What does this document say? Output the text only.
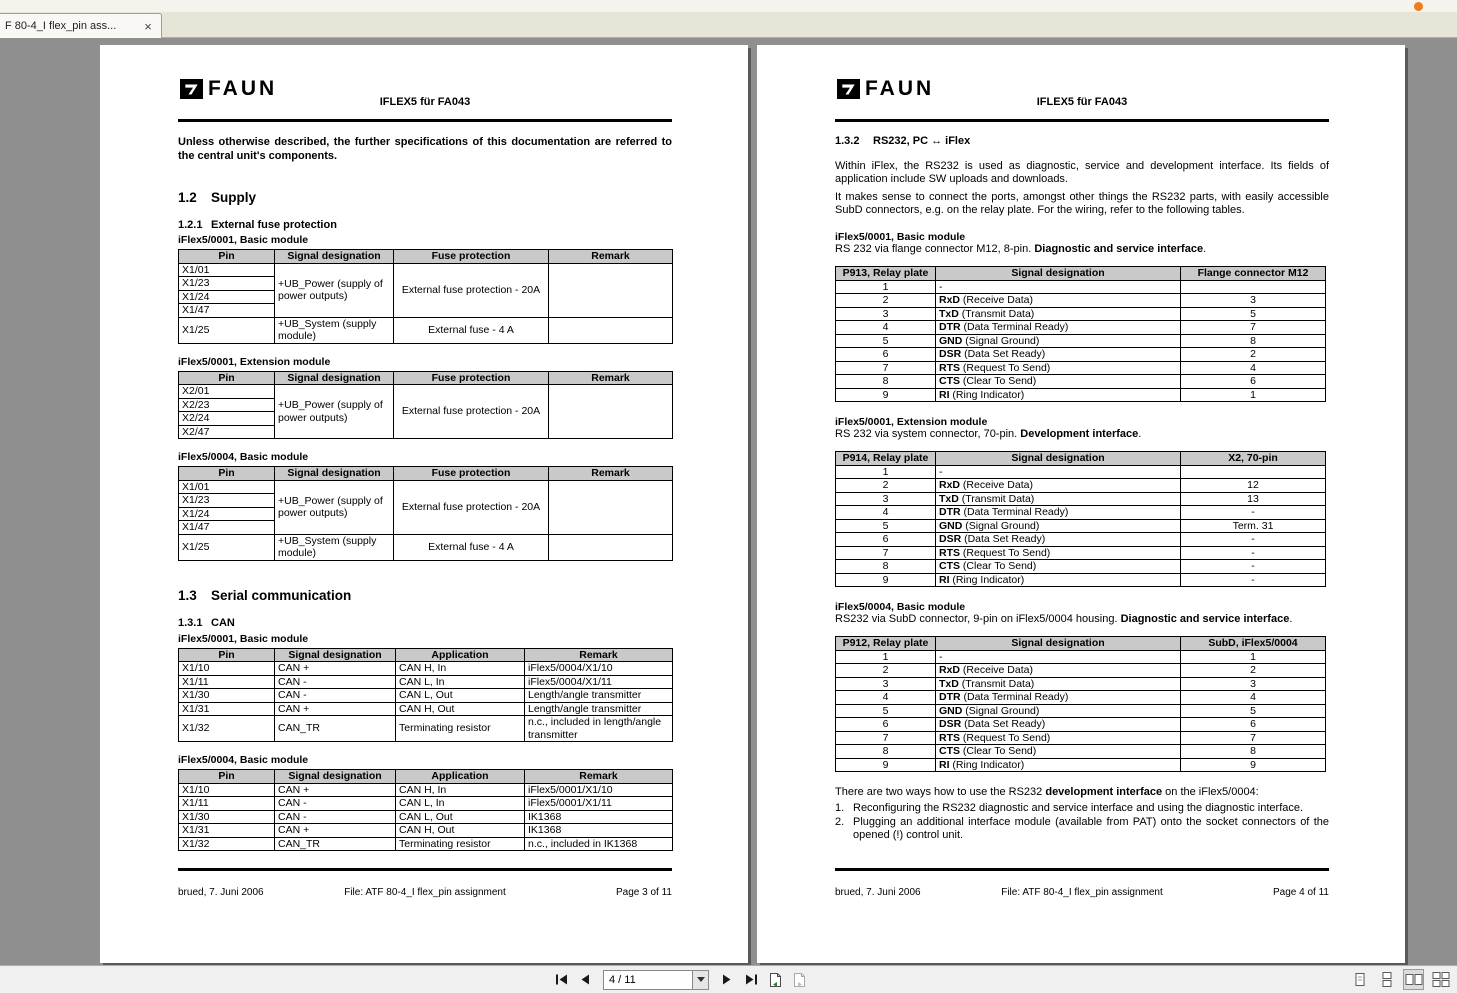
F 80-4_I flex_pin ass...	×
FAUN
IFLEX5 für FA043

Unless otherwise described, the further specifications of this documentation are referred to the central unit's components.

1.2 Supply
1.2.1 External fuse protection
iFlex5/0001, Basic module
Pin	Signal designation	Fuse protection	Remark
X1/01	+UB_Power (supply of power outputs)	External fuse protection - 20A	
X1/23			
X1/24			
X1/47			
X1/25	+UB_System (supply module)	External fuse - 4 A	
iFlex5/0001, Extension module
Pin	Signal designation	Fuse protection	Remark
X2/01	+UB_Power (supply of power outputs)	External fuse protection - 20A	
X2/23			
X2/24			
X2/47			
iFlex5/0004, Basic module
Pin	Signal designation	Fuse protection	Remark
X1/01	+UB_Power (supply of power outputs)	External fuse protection - 20A	
X1/23			
X1/24			
X1/47			
X1/25	+UB_System (supply module)	External fuse - 4 A	
1.3 Serial communication
1.3.1 CAN
iFlex5/0001, Basic module
Pin	Signal designation	Application	Remark
X1/10	CAN +	CAN H, In	iFlex5/0004/X1/10
X1/11	CAN -	CAN L, In	iFlex5/0004/X1/11
X1/30	CAN -	CAN L, Out	Length/angle transmitter
X1/31	CAN +	CAN H, Out	Length/angle transmitter
X1/32	CAN_TR	Terminating resistor	n.c., included in length/angle transmitter
iFlex5/0004, Basic module
Pin	Signal designation	Application	Remark
X1/10	CAN +	CAN H, In	iFlex5/0001/X1/10
X1/11	CAN -	CAN L, In	iFlex5/0001/X1/11
X1/30	CAN -	CAN L, Out	IK1368
X1/31	CAN +	CAN H, Out	IK1368
X1/32	CAN_TR	Terminating resistor	n.c., included in IK1368
brued, 7. Juni 2006	File: ATF 80-4_I flex_pin assignment	Page 3 of 11
FAUN
IFLEX5 für FA043
1.3.2 RS232, PC ↔ iFlex

Within iFlex, the RS232 is used as diagnostic, service and development interface. Its fields of application include SW uploads and downloads.

It makes sense to connect the ports, amongst other things the RS232 parts, with easily accessible SubD connectors, e.g. on the relay plate. For the wiring, refer to the following tables.

iFlex5/0001, Basic module
RS 232 via flange connector M12, 8-pin. Diagnostic and service interface.
P913, Relay plate	Signal designation	Flange connector M12
1	-	
2	RxD (Receive Data)	3
3	TxD (Transmit Data)	5
4	DTR (Data Terminal Ready)	7
5	GND (Signal Ground)	8
6	DSR (Data Set Ready)	2
7	RTS (Request To Send)	4
8	CTS (Clear To Send)	6
9	RI (Ring Indicator)	1
iFlex5/0001, Extension module
RS 232 via system connector, 70-pin. Development interface.
P914, Relay plate	Signal designation	X2, 70-pin
1	-	
2	RxD (Receive Data)	12
3	TxD (Transmit Data)	13
4	DTR (Data Terminal Ready)	-
5	GND (Signal Ground)	Term. 31
6	DSR (Data Set Ready)	-
7	RTS (Request To Send)	-
8	CTS (Clear To Send)	-
9	RI (Ring Indicator)	-
iFlex5/0004, Basic module
RS232 via SubD connector, 9-pin on iFlex5/0004 housing. Diagnostic and service interface.
P912, Relay plate	Signal designation	SubD, iFlex5/0004
1	-	1
2	RxD (Receive Data)	2
3	TxD (Transmit Data)	3
4	DTR (Data Terminal Ready)	4
5	GND (Signal Ground)	5
6	DSR (Data Set Ready)	6
7	RTS (Request To Send)	7
8	CTS (Clear To Send)	8
9	RI (Ring Indicator)	9

There are two ways how to use the RS232 development interface on the iFlex5/0004:

1. Reconfiguring the RS232 diagnostic and service interface and using the diagnostic interface.
2. Plugging an additional interface module (available from PAT) onto the socket connectors of the opened (!) control unit.
brued, 7. Juni 2006	File: ATF 80-4_I flex_pin assignment	Page 4 of 11
4 / 11
